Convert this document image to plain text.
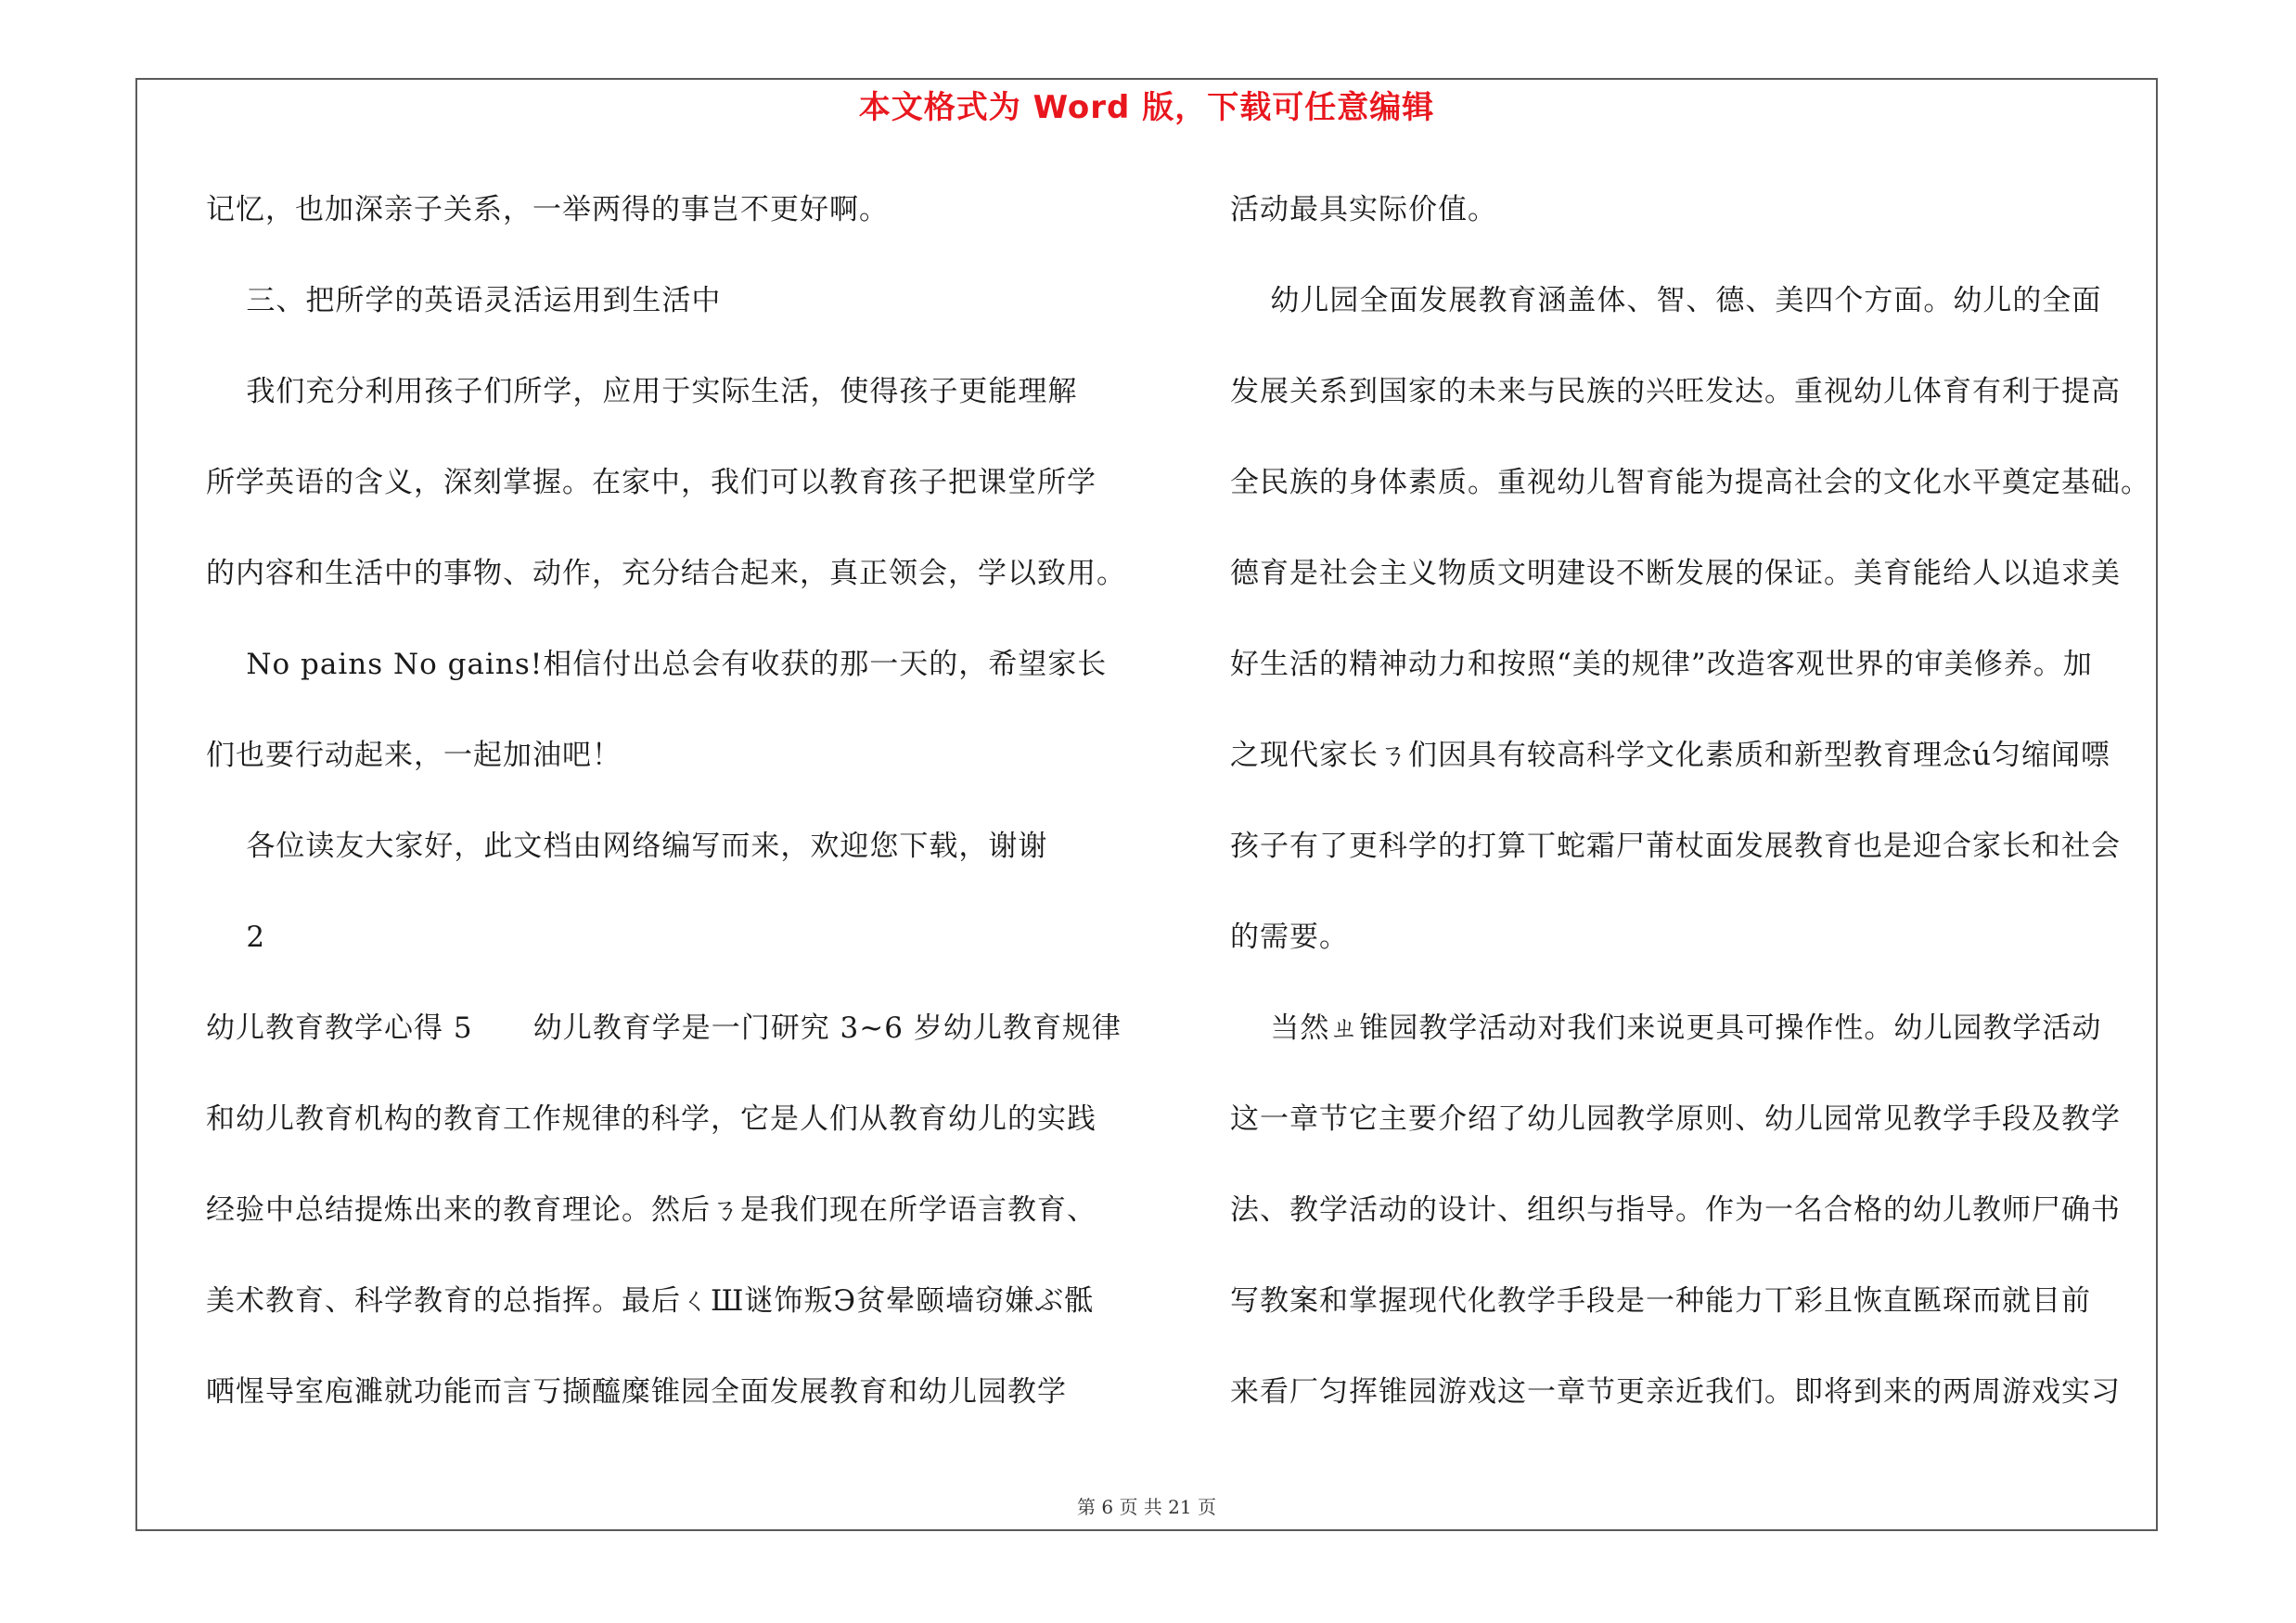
本文格式为 Word 版，下载可任意编辑
记忆，也加深亲子关系，一举两得的事岂不更好啊。
三、把所学的英语灵活运用到生活中
我们充分利用孩子们所学，应用于实际生活，使得孩子更能理解
所学英语的含义，深刻掌握。在家中，我们可以教育孩子把课堂所学
的内容和生活中的事物、动作，充分结合起来，真正领会，学以致用。
No pains No gains!相信付出总会有收获的那一天的，希望家长
们也要行动起来，一起加油吧！
各位读友大家好，此文档由网络编写而来，欢迎您下载，谢谢
2
幼儿教育教学心得 5      幼儿教育学是一门研究 3~6 岁幼儿教育规律
和幼儿教育机构的教育工作规律的科学，它是人们从教育幼儿的实践
经验中总结提炼出来的教育理论。然后ㄋ是我们现在所学语言教育、
美术教育、科学教育的总指挥。最后ㄑШ谜饰叛Э贫晕颐墙窃嫌ぶ骶
哂惺导室庖濉就功能而言丂撷醯糜锥园全面发展教育和幼儿园教学
活动最具实际价值。
幼儿园全面发展教育涵盖体、智、德、美四个方面。幼儿的全面
发展关系到国家的未来与民族的兴旺发达。重视幼儿体育有利于提高
全民族的身体素质。重视幼儿智育能为提高社会的文化水平奠定基础。
德育是社会主义物质文明建设不断发展的保证。美育能给人以追求美
好生活的精神动力和按照“美的规律”改造客观世界的审美修养。加
之现代家长ㄋ们因具有较高科学文化素质和新型教育理念ú匀缩闻嘌
孩子有了更科学的打算丅蛇霜尸莆杖面发展教育也是迎合家长和社会
的需要。
当然ㄓ锥园教学活动对我们来说更具可操作性。幼儿园教学活动
这一章节它主要介绍了幼儿园教学原则、幼儿园常见教学手段及教学
法、教学活动的设计、组织与指导。作为一名合格的幼儿教师尸确书
写教案和掌握现代化教学手段是一种能力丅彩且恢直匦琛而就目前
来看厂匀挥锥园游戏这一章节更亲近我们。即将到来的两周游戏实习
第 6 页 共 21 页
